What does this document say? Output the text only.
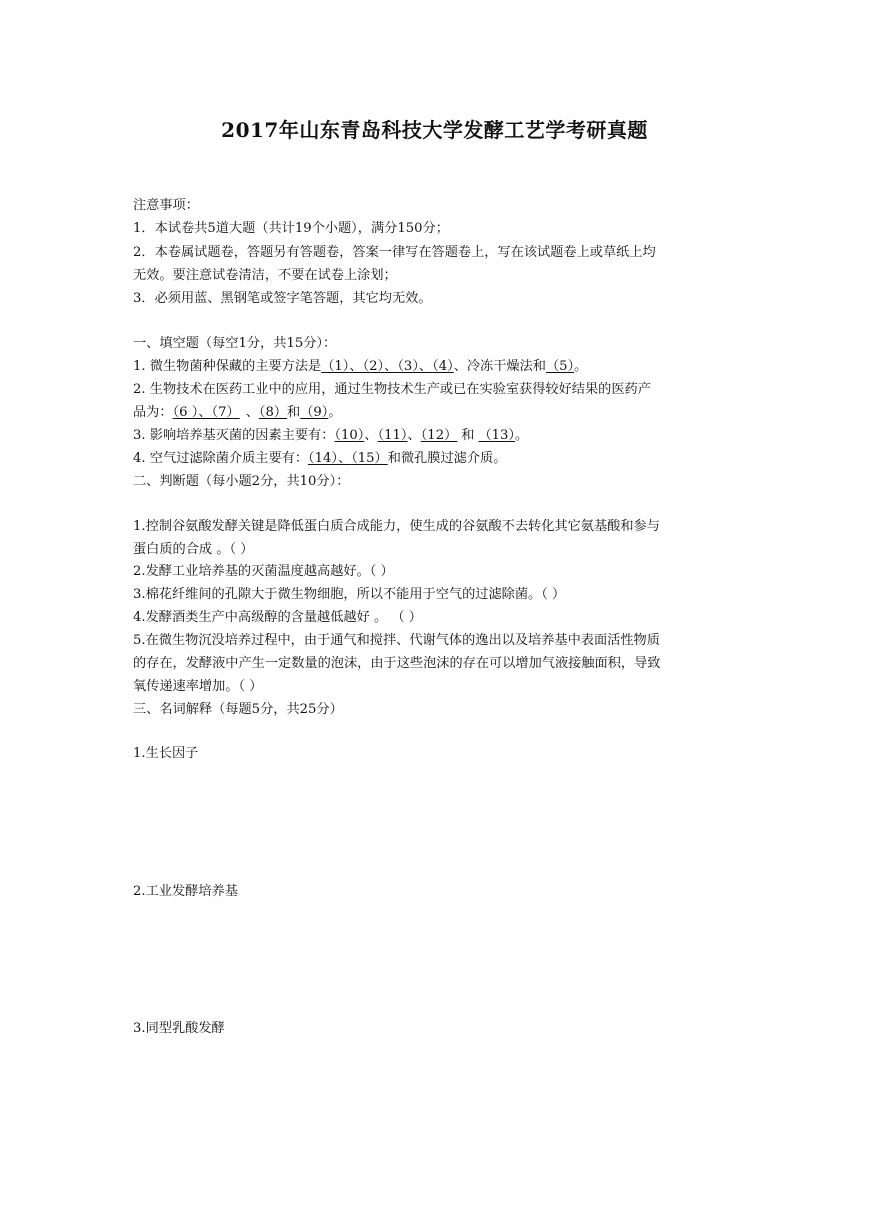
2017年山东青岛科技大学发酵工艺学考研真题
注意事项：
1．本试卷共5道大题（共计19个小题），满分150分；
2．本卷属试题卷，答题另有答题卷，答案一律写在答题卷上，写在该试题卷上或草纸上均
无效。要注意试卷清洁，不要在试卷上涂划；
3．必须用蓝、黑钢笔或签字笔答题，其它均无效。
一、填空题（每空1分，共15分）：
1. 微生物菌种保藏的主要方法是（1）、（2）、（3）、（4）、冷冻干燥法和（5）。
2. 生物技术在医药工业中的应用，通过生物技术生产或已在实验室获得较好结果的医药产
品为：（6 ）、（7） 、（8）和（9）。
3. 影响培养基灭菌的因素主要有：（10）、（11）、（12） 和 （13）。
4. 空气过滤除菌介质主要有：（14）、（15）和微孔膜过滤介质。
二、判断题（每小题2分，共10分）：
1.控制谷氨酸发酵关键是降低蛋白质合成能力，使生成的谷氨酸不去转化其它氨基酸和参与
蛋白质的合成 。（ ）
2.发酵工业培养基的灭菌温度越高越好。（ ）
3.棉花纤维间的孔隙大于微生物细胞，所以不能用于空气的过滤除菌。（ ）
4.发酵酒类生产中高级醇的含量越低越好 。 （ ）
5.在微生物沉没培养过程中，由于通气和搅拌、代谢气体的逸出以及培养基中表面活性物质
的存在，发酵液中产生一定数量的泡沫，由于这些泡沫的存在可以增加气液接触面积，导致
氧传递速率增加。（ ）
三、名词解释（每题5分，共25分）
1.生长因子
2.工业发酵培养基
3.同型乳酸发酵
